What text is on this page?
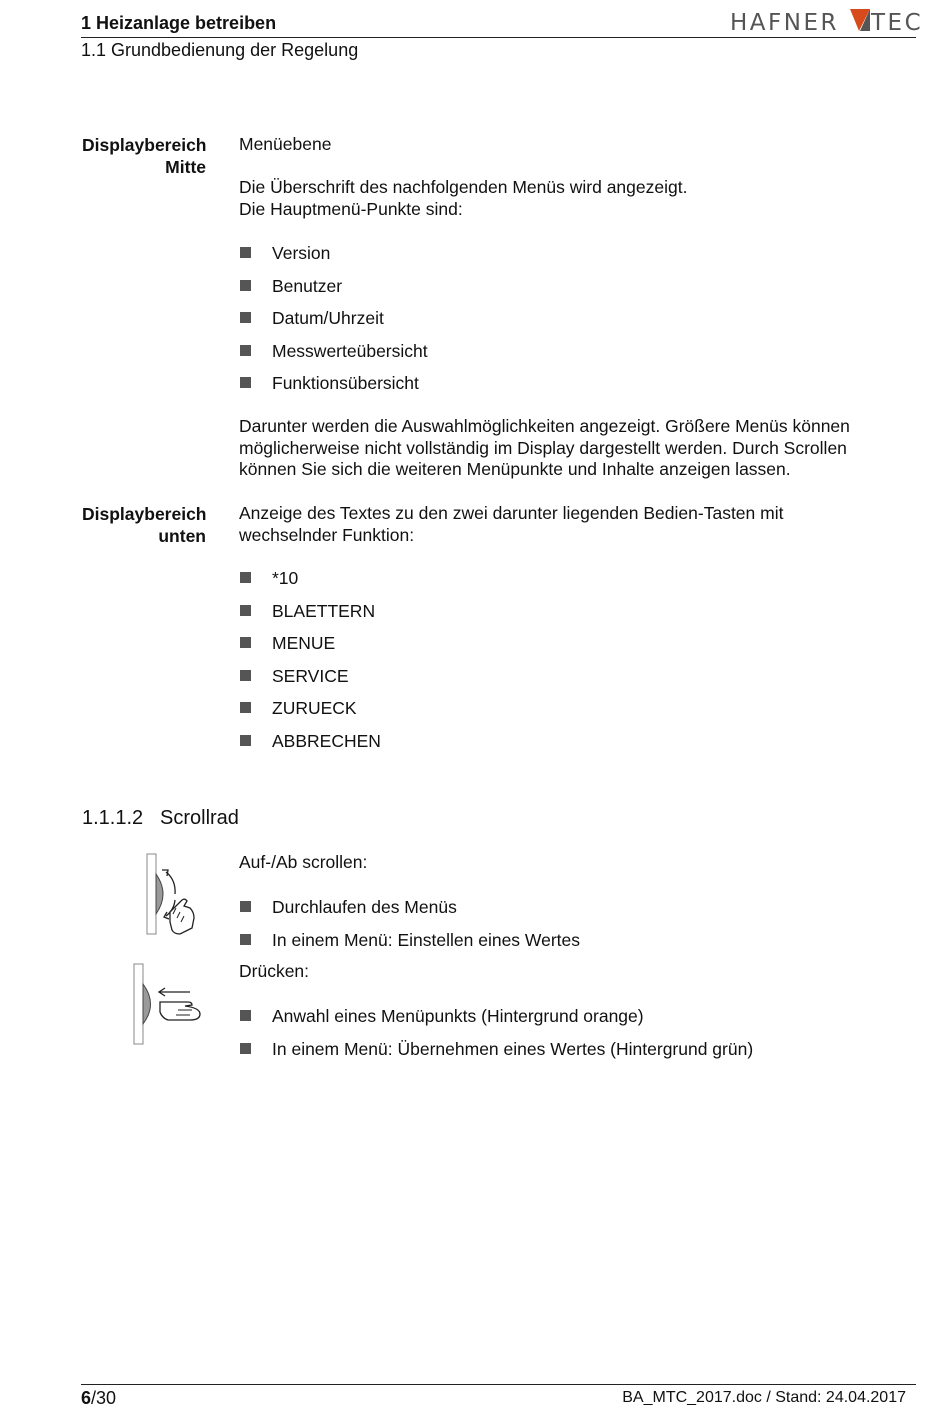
1 Heizanlage betreiben
1.1 Grundbedienung der Regelung
HAFNER TEC
Displaybereich
Mitte
Menüebene
Die Überschrift des nachfolgenden Menüs wird angezeigt.
Die Hauptmenü-Punkte sind:
Version
Benutzer
Datum/Uhrzeit
Messwerteübersicht
Funktionsübersicht
Darunter werden die Auswahlmöglichkeiten angezeigt. Größere Menüs können
möglicherweise nicht vollständig im Display dargestellt werden. Durch Scrollen
können Sie sich die weiteren Menüpunkte und Inhalte anzeigen lassen.
Displaybereich
unten
Anzeige des Textes zu den zwei darunter liegenden Bedien-Tasten mit
wechselnder Funktion:
*10
BLAETTERN
MENUE
SERVICE
ZURUECK
ABBRECHEN
1.1.1.2 Scrollrad
Auf-/Ab scrollen:
Durchlaufen des Menüs
In einem Menü: Einstellen eines Wertes
Drücken:
Anwahl eines Menüpunkts (Hintergrund orange)
In einem Menü: Übernehmen eines Wertes (Hintergrund grün)
6/30	BA_MTC_2017.doc / Stand: 24.04.2017
